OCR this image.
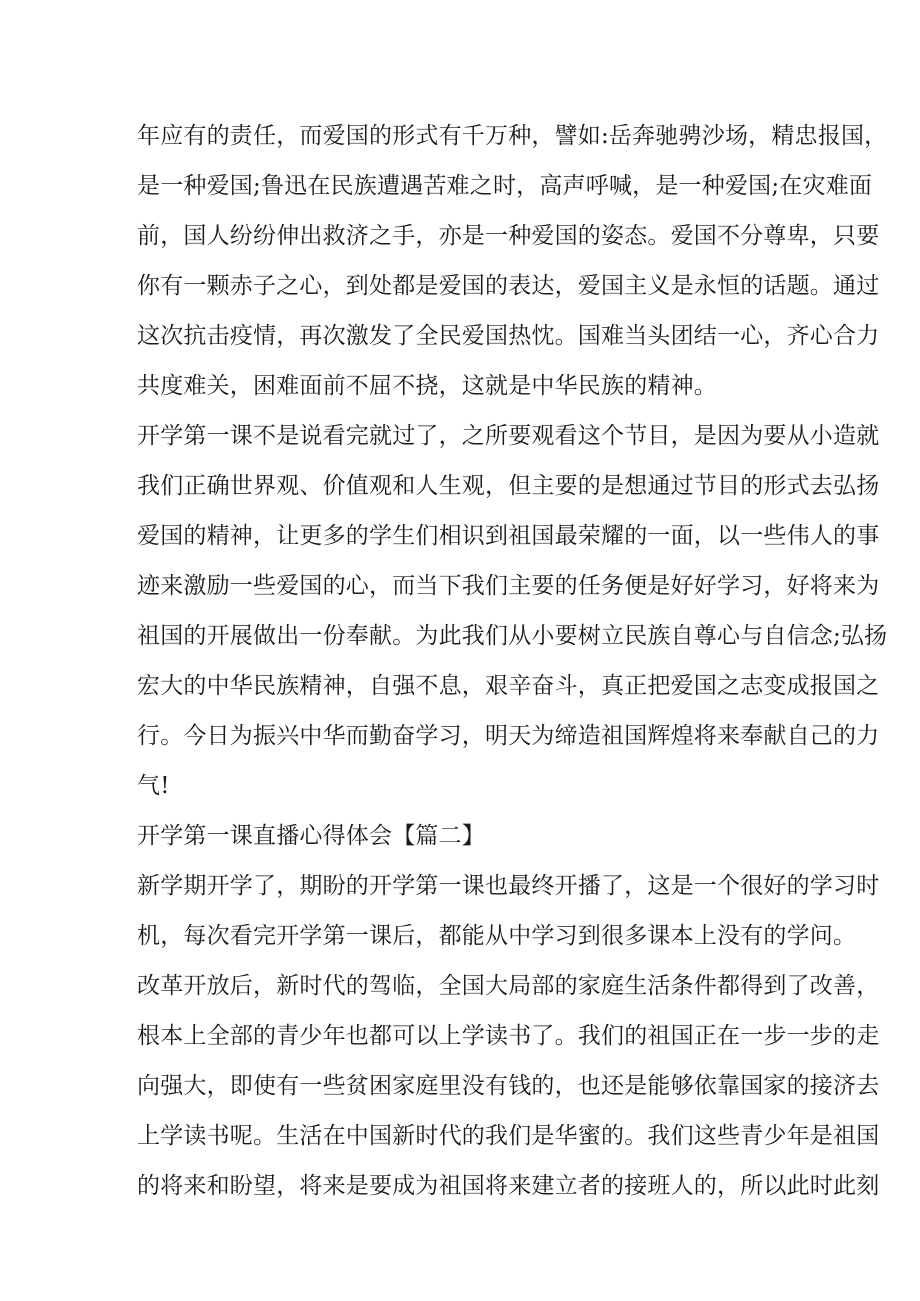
年应有的责任，而爱国的形式有千万种，譬如:岳奔驰骋沙场，精忠报国，
是一种爱国;鲁迅在民族遭遇苦难之时，高声呼喊，是一种爱国;在灾难面
前，国人纷纷伸出救济之手，亦是一种爱国的姿态。爱国不分尊卑，只要
你有一颗赤子之心，到处都是爱国的表达，爱国主义是永恒的话题。通过
这次抗击疫情，再次激发了全民爱国热忱。国难当头团结一心，齐心合力
共度难关，困难面前不屈不挠，这就是中华民族的精神。
开学第一课不是说看完就过了，之所要观看这个节目，是因为要从小造就
我们正确世界观、价值观和人生观，但主要的是想通过节目的形式去弘扬
爱国的精神，让更多的学生们相识到祖国最荣耀的一面，以一些伟人的事
迹来激励一些爱国的心，而当下我们主要的任务便是好好学习，好将来为
祖国的开展做出一份奉献。为此我们从小要树立民族自尊心与自信念;弘扬
宏大的中华民族精神，自强不息，艰辛奋斗，真正把爱国之志变成报国之
行。今日为振兴中华而勤奋学习，明天为缔造祖国辉煌将来奉献自己的力
气!
开学第一课直播心得体会【篇二】
新学期开学了，期盼的开学第一课也最终开播了，这是一个很好的学习时
机，每次看完开学第一课后，都能从中学习到很多课本上没有的学问。
改革开放后，新时代的驾临，全国大局部的家庭生活条件都得到了改善，
根本上全部的青少年也都可以上学读书了。我们的祖国正在一步一步的走
向强大，即使有一些贫困家庭里没有钱的，也还是能够依靠国家的接济去
上学读书呢。生活在中国新时代的我们是华蜜的。我们这些青少年是祖国
的将来和盼望，将来是要成为祖国将来建立者的接班人的，所以此时此刻
